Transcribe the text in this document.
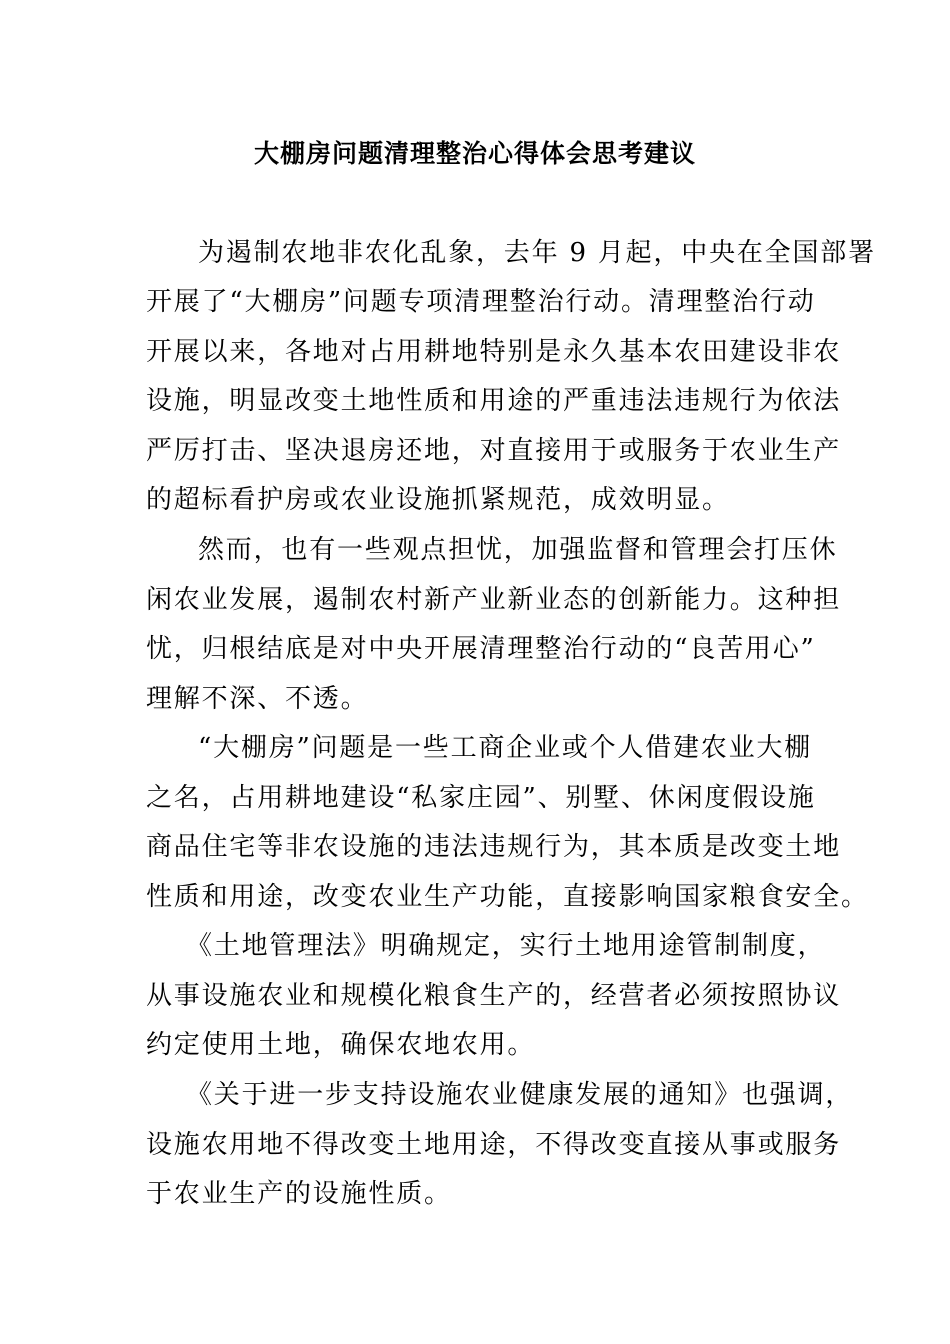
大棚房问题清理整治心得体会思考建议
为遏制农地非农化乱象，去年 9 月起，中央在全国部署
开展了“大棚房”问题专项清理整治行动。清理整治行动
开展以来，各地对占用耕地特别是永久基本农田建设非农
设施，明显改变土地性质和用途的严重违法违规行为依法
严厉打击、坚决退房还地，对直接用于或服务于农业生产
的超标看护房或农业设施抓紧规范，成效明显。
然而，也有一些观点担忧，加强监督和管理会打压休
闲农业发展，遏制农村新产业新业态的创新能力。这种担
忧，归根结底是对中央开展清理整治行动的“良苦用心”
理解不深、不透。
“大棚房”问题是一些工商企业或个人借建农业大棚
之名，占用耕地建设“私家庄园”、别墅、休闲度假设施
商品住宅等非农设施的违法违规行为，其本质是改变土地
性质和用途，改变农业生产功能，直接影响国家粮食安全。
《土地管理法》明确规定，实行土地用途管制制度，
从事设施农业和规模化粮食生产的，经营者必须按照协议
约定使用土地，确保农地农用。
《关于进一步支持设施农业健康发展的通知》也强调，
设施农用地不得改变土地用途，不得改变直接从事或服务
于农业生产的设施性质。
